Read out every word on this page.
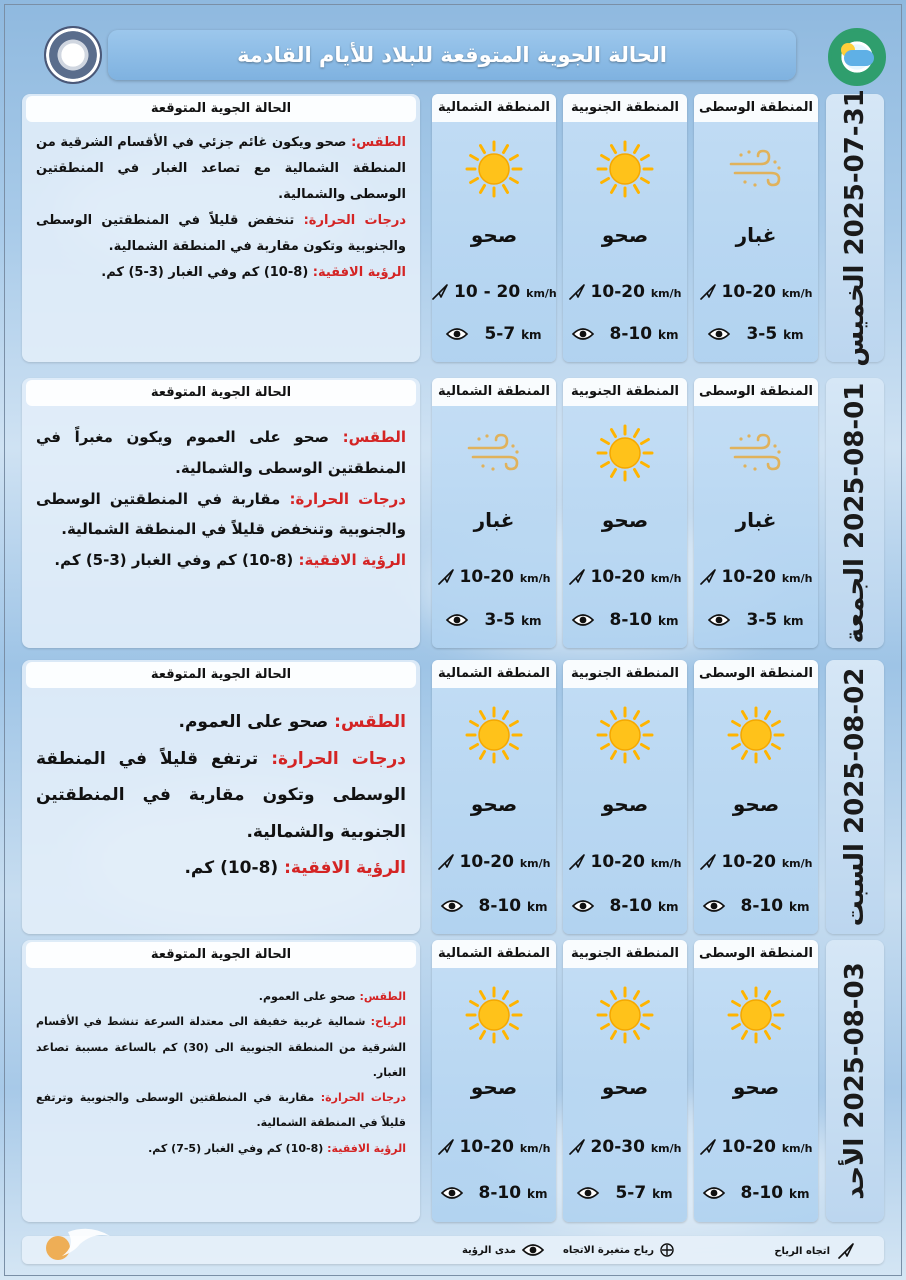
الحالة الجوية المتوقعة للبلاد للأيام القادمة
2025-07-31 الخميس
المنطقة الوسطى
غبار
10-20 km/h
3-5 km
المنطقة الجنوبية
صحو
10-20 km/h
8-10 km
المنطقة الشمالية
صحو
10 - 20 km/h
5-7 km
الحالة الجوية المتوقعة

الطقس: صحو ويكون غائم جزئي في الأقسام الشرقية من المنطقة الشمالية مع تصاعد الغبار في المنطقتين الوسطى والشمالية.

درجات الحرارة: تنخفض قليلاً في المنطقتين الوسطى والجنوبية وتكون مقاربة في المنطقة الشمالية.

الرؤية الافقية: (8-10) كم وفي الغبار (3-5) كم.

2025-08-01 الجمعة
المنطقة الوسطى
غبار
10-20 km/h
3-5 km
المنطقة الجنوبية
صحو
10-20 km/h
8-10 km
المنطقة الشمالية
غبار
10-20 km/h
3-5 km
الحالة الجوية المتوقعة

الطقس: صحو على العموم ويكون مغبراً في المنطقتين الوسطى والشمالية.

درجات الحرارة: مقاربة في المنطقتين الوسطى والجنوبية وتنخفض قليلاً في المنطقة الشمالية.

الرؤية الافقية: (8-10) كم وفي الغبار (3-5) كم.

2025-08-02 السبت
المنطقة الوسطى
صحو
10-20 km/h
8-10 km
المنطقة الجنوبية
صحو
10-20 km/h
8-10 km
المنطقة الشمالية
صحو
10-20 km/h
8-10 km
الحالة الجوية المتوقعة

الطقس: صحو على العموم.

درجات الحرارة: ترتفع قليلاً في المنطقة الوسطى وتكون مقاربة في المنطقتين الجنوبية والشمالية.

الرؤية الافقية: (8-10) كم.

2025-08-03 الأحد
المنطقة الوسطى
صحو
10-20 km/h
8-10 km
المنطقة الجنوبية
صحو
20-30 km/h
5-7 km
المنطقة الشمالية
صحو
10-20 km/h
8-10 km
الحالة الجوية المتوقعة

الطقس: صحو على العموم.

الرياح: شمالية غربية خفيفة الى معتدلة السرعة تنشط في الأقسام الشرقية من المنطقة الجنوبية الى (30) كم بالساعة مسببة تصاعد الغبار.

درجات الحرارة: مقاربة في المنطقتين الوسطى والجنوبية وترتفع قليلاً في المنطقة الشمالية.

الرؤية الافقية: (8-10) كم وفي الغبار (5-7) كم.

اتجاه الرياح
رياح متغيرة الاتجاه
مدى الرؤية
